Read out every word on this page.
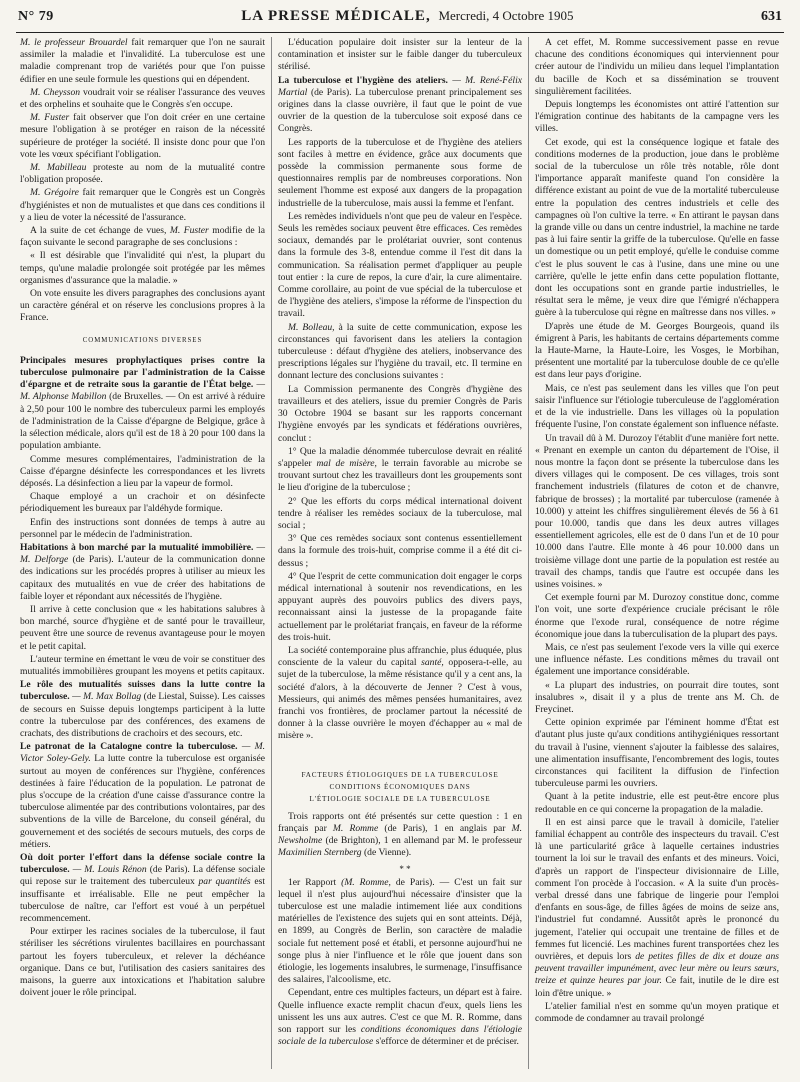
N° 79	LA PRESSE MÉDICALE, Mercredi, 4 Octobre 1905	631

M. le professeur Brouardel fait remarquer que l'on ne saurait assimiler la maladie et l'invalidité. La tuberculose est une maladie comprenant trop de variétés pour que l'on puisse édifier en une seule formule les questions qui en dépendent.

M. Cheysson voudrait voir se réaliser l'assurance des veuves et des orphelins et souhaite que le Congrès s'en occupe.

M. Fuster fait observer que l'on doit créer en une certaine mesure l'obligation à se protéger en raison de la nécessité supérieure de protéger la société. Il insiste donc pour que l'on vote les vœux spécifiant l'obligation.

M. Mabilleau proteste au nom de la mutualité contre l'obligation proposée.

M. Grégoire fait remarquer que le Congrès est un Congrès d'hygiénistes et non de mutualistes et que dans ces conditions il y a lieu de voter la nécessité de l'assurance.

A la suite de cet échange de vues, M. Fuster modifie de la façon suivante le second paragraphe de ses conclusions :

« Il est désirable que l'invalidité qui n'est, la plupart du temps, qu'une maladie prolongée soit protégée par les mêmes organismes d'assurance que la maladie. »

On vote ensuite les divers paragraphes des conclusions ayant un caractère général et on réserve les conclusions propres à la France.

COMMUNICATIONS DIVERSES

Principales mesures prophylactiques prises contre la tuberculose pulmonaire par l'administration de la Caisse d'épargne et de retraite sous la garantie de l'État belge. — M. Alphonse Mabillon (de Bruxelles. — On est arrivé à réduire à 2,50 pour 100 le nombre des tuberculeux parmi les employés de l'administration de la Caisse d'épargne de Belgique, grâce à la sélection médicale, alors qu'il est de 18 à 20 pour 100 dans la population ambiante.

Comme mesures complémentaires, l'administration de la Caisse d'épargne désinfecte les correspondances et les livrets déposés. La désinfection a lieu par la vapeur de formol.

Chaque employé a un crachoir et on désinfecte périodiquement les bureaux par l'aldéhyde formique.

Enfin des instructions sont données de temps à autre au personnel par le médecin de l'administration.

Habitations à bon marché par la mutualité immobilière. — M. Delforge (de Paris). L'auteur de la communication donne des indications sur les procédés propres à utiliser au mieux les capitaux des mutualités en vue de créer des habitations de faible loyer et répondant aux nécessités de l'hygiène.

Il arrive à cette conclusion que « les habitations salubres à bon marché, source d'hygiène et de santé pour le travailleur, peuvent être une source de revenus avantageuse pour le moyen et le petit capital.

L'auteur termine en émettant le vœu de voir se constituer des mutualités immobilières groupant les moyens et petits capitaux.

Le rôle des mutualités suisses dans la lutte contre la tuberculose. — M. Max Bollag (de Liestal, Suisse). Les caisses de secours en Suisse depuis longtemps participent à la lutte contre la tuberculose par des conférences, des examens de crachats, des distributions de crachoirs et des secours, etc.

Le patronat de la Catalogne contre la tuberculose. — M. Victor Soley-Gely. La lutte contre la tuberculose est organisée surtout au moyen de conférences sur l'hygiène, conférences destinées à faire l'éducation de la population. Le patronat de plus s'occupe de la création d'une caisse d'assurance contre la tuberculose alimentée par des contributions volontaires, par des subventions de la ville de Barcelone, du conseil général, du gouvernement et des sociétés de secours mutuels, des corps de métiers.

Où doit porter l'effort dans la défense sociale contre la tuberculose. — M. Louis Rénon (de Paris). La défense sociale qui repose sur le traitement des tuberculeux par quantités est insuffisante et irréalisable. Elle ne peut empêcher la tuberculose de naître, car l'effort est voué à un perpétuel recommencement.

Pour extirper les racines sociales de la tuberculose, il faut stériliser les sécrétions virulentes bacillaires en pourchassant partout les foyers tuberculeux, et relever la déchéance organique. Dans ce but, l'utilisation des casiers sanitaires des maisons, la guerre aux intoxications et l'habitation salubre doivent jouer le rôle principal.

L'éducation populaire doit insister sur la lenteur de la contamination et insister sur le faible danger du tuberculeux stérilisé.

La tuberculose et l'hygiène des ateliers. — M. René-Félix Martial (de Paris). La tuberculose prenant principalement ses origines dans la classe ouvrière, il faut que le point de vue ouvrier de la question de la tuberculose soit exposé dans ce Congrès.

Les rapports de la tuberculose et de l'hygiène des ateliers sont faciles à mettre en évidence, grâce aux documents que possède la commission permanente sous forme de questionnaires remplis par de nombreuses corporations. Non seulement l'homme est exposé aux dangers de la propagation industrielle de la tuberculose, mais aussi la femme et l'enfant.

Les remèdes individuels n'ont que peu de valeur en l'espèce. Seuls les remèdes sociaux peuvent être efficaces. Ces remèdes sociaux, demandés par le prolétariat ouvrier, sont contenus dans la formule des 3-8, entendue comme il l'est dit dans la communication. Sa réalisation permet d'appliquer au peuple tout entier : la cure de repos, la cure d'air, la cure alimentaire. Comme corollaire, au point de vue spécial de la tuberculose et de l'hygiène des ateliers, s'impose la réforme de l'inspection du travail.

M. Bolleau, à la suite de cette communication, expose les circonstances qui favorisent dans les ateliers la contagion tuberculeuse : défaut d'hygiène des ateliers, inobservance des prescriptions légales sur l'hygiène du travail, etc. Il termine en donnant lecture des conclusions suivantes :

La Commission permanente des Congrès d'hygiène des travailleurs et des ateliers, issue du premier Congrès de Paris 30 Octobre 1904 se basant sur les rapports concernant l'hygiène envoyés par les syndicats et fédérations ouvrières, conclut :

1° Que la maladie dénommée tuberculose devrait en réalité s'appeler mal de misère, le terrain favorable au microbe se trouvant surtout chez les travailleurs dont les groupements sont le lieu d'origine de la tuberculose ;

2° Que les efforts du corps médical international doivent tendre à réaliser les remèdes sociaux de la tuberculose, mal social ;

3° Que ces remèdes sociaux sont contenus essentiellement dans la formule des trois-huit, comprise comme il a été dit ci-dessus ;

4° Que l'esprit de cette communication doit engager le corps médical international à soutenir nos revendications, en les appuyant auprès des pouvoirs publics des divers pays, reconnaissant ainsi la justesse de la propagande faite actuellement par le prolétariat français, en faveur de la réforme des trois-huit.

La société contemporaine plus affranchie, plus éduquée, plus consciente de la valeur du capital santé, opposera-t-elle, au sujet de la tuberculose, la même résistance qu'il y a cent ans, la société d'alors, à la découverte de Jenner ? C'est à vous, Messieurs, qui animés des mêmes pensées humanitaires, avez franchi vos frontières, de proclamer partout la nécessité de donner à la classe ouvrière le moyen d'échapper au « mal de misère ».

FACTEURS ÉTIOLOGIQUES DE LA TUBERCULOSE

CONDITIONS ÉCONOMIQUES DANS

L'ÉTIOLOGIE SOCIALE DE LA TUBERCULOSE

Trois rapports ont été présentés sur cette question : 1 en français par M. Romme (de Paris), 1 en anglais par M. Newsholme (de Brighton), 1 en allemand par M. le professeur Maximilien Sternberg (de Vienne).

* *

1er Rapport (M. Romme, de Paris). — C'est un fait sur lequel il n'est plus aujourd'hui nécessaire d'insister que la tuberculose est une maladie intimement liée aux conditions matérielles de l'existence des sujets qui en sont atteints. Déjà, en 1899, au Congrès de Berlin, son caractère de maladie sociale fut nettement posé et établi, et personne aujourd'hui ne songe plus à nier l'influence et le rôle que jouent dans son étiologie, les logements insalubres, le surmenage, l'insuffisance des salaires, l'alcoolisme, etc.

Cependant, entre ces multiples facteurs, un départ est à faire. Quelle influence exacte remplit chacun d'eux, quels liens les unissent les uns aux autres. C'est ce que M. R. Romme, dans son rapport sur les conditions économiques dans l'étiologie sociale de la tuberculose s'efforce de déterminer et de préciser.

A cet effet, M. Romme successivement passe en revue chacune des conditions économiques qui interviennent pour créer autour de l'individu un milieu dans lequel l'implantation du bacille de Koch et sa dissémination se trouvent singulièrement facilitées.

Depuis longtemps les économistes ont attiré l'attention sur l'émigration continue des habitants de la campagne vers les villes.

Cet exode, qui est la conséquence logique et fatale des conditions modernes de la production, joue dans le problème social de la tuberculose un rôle très notable, rôle dont l'importance apparaît manifeste quand l'on considère la différence existant au point de vue de la mortalité tuberculeuse entre la population des centres industriels et celle des campagnes où l'on cultive la terre. « En attirant le paysan dans la grande ville ou dans un centre industriel, la machine ne tarde pas à lui faire sentir la griffe de la tuberculose. Qu'elle en fasse un domestique ou un petit employé, qu'elle le conduise comme c'est le plus souvent le cas à l'usine, dans une mine ou une carrière, qu'elle le jette enfin dans cette population flottante, dont les occupations sont en grande partie industrielles, le résultat sera le même, je veux dire que l'émigré n'échappera guère à la tuberculose qui règne en maîtresse dans nos villes. »

D'après une étude de M. Georges Bourgeois, quand ils émigrent à Paris, les habitants de certains départements comme la Haute-Marne, la Haute-Loire, les Vosges, le Morbihan, présentent une mortalité par la tuberculose double de ce qu'elle est dans leur pays d'origine.

Mais, ce n'est pas seulement dans les villes que l'on peut saisir l'influence sur l'étiologie tuberculeuse de l'agglomération et de la vie industrielle. Dans les villages où la population fréquente l'usine, l'on constate également son influence néfaste.

Un travail dû à M. Durozoy l'établit d'une manière fort nette. « Prenant en exemple un canton du département de l'Oise, il nous montre la façon dont se présente la tuberculose dans les divers villages qui le composent. De ces villages, trois sont franchement industriels (filatures de coton et de chanvre, fabrique de brosses) ; la mortalité par tuberculose (ramenée à 10.000) y atteint les chiffres singulièrement élevés de 56 à 61 pour 10.000, tandis que dans les deux autres villages essentiellement agricoles, elle est de 0 dans l'un et de 10 pour 10.000 dans l'autre. Elle monte à 46 pour 10.000 dans un troisième village dont une partie de la population est restée au travail des champs, tandis que l'autre est occupée dans les usines voisines. »

Cet exemple fourni par M. Durozoy constitue donc, comme l'on voit, une sorte d'expérience cruciale précisant le rôle énorme que l'exode rural, conséquence de notre régime économique joue dans la tuberculisation de la plupart des pays.

Mais, ce n'est pas seulement l'exode vers la ville qui exerce une influence néfaste. Les conditions mêmes du travail ont également une importance considérable.

« La plupart des industries, on pourrait dire toutes, sont insalubres », disait il y a plus de trente ans M. Ch. de Freycinet.

Cette opinion exprimée par l'éminent homme d'État est d'autant plus juste qu'aux conditions antihygiéniques ressortant du travail à l'usine, viennent s'ajouter la faiblesse des salaires, une alimentation insuffisante, l'encombrement des logis, toutes circonstances qui facilitent la diffusion de l'infection tuberculeuse parmi les ouvriers.

Quant à la petite industrie, elle est peut-être encore plus redoutable en ce qui concerne la propagation de la maladie.

Il en est ainsi parce que le travail à domicile, l'atelier familial échappent au contrôle des inspecteurs du travail. C'est là une particularité grâce à laquelle certaines industries tournent la loi sur le travail des enfants et des mineurs. Voici, d'après un rapport de l'inspecteur divisionnaire de Lille, comment l'on procède à l'occasion. « A la suite d'un procès-verbal dressé dans une fabrique de lingerie pour l'emploi d'enfants en sous-âge, de filles âgées de moins de seize ans, l'industriel fut condamné. Aussitôt après le prononcé du jugement, l'atelier qui occupait une trentaine de filles et de femmes fut licencié. Les machines furent transportées chez les ouvrières, et depuis lors de petites filles de dix et douze ans peuvent travailler impunément, avec leur mère ou leurs sœurs, treize et quinze heures par jour. Ce fait, inutile de le dire est loin d'être unique. »

L'atelier familial n'est en somme qu'un moyen pratique et commode de condamner au travail prolongé
